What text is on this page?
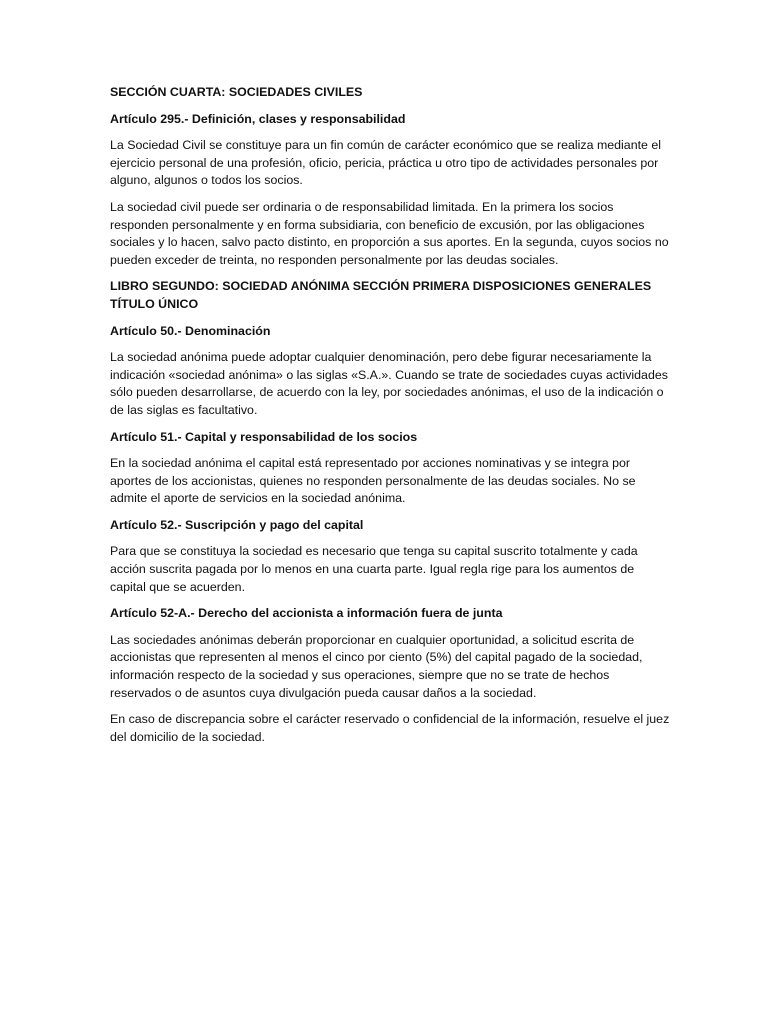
SECCIÓN CUARTA: SOCIEDADES CIVILES
Artículo 295.- Definición, clases y responsabilidad
La Sociedad Civil se constituye para un fin común de carácter económico que se realiza mediante el ejercicio personal de una profesión, oficio, pericia, práctica u otro tipo de actividades personales por alguno, algunos o todos los socios.
La sociedad civil puede ser ordinaria o de responsabilidad limitada. En la primera los socios responden personalmente y en forma subsidiaria, con beneficio de excusión, por las obligaciones sociales y lo hacen, salvo pacto distinto, en proporción a sus aportes. En la segunda, cuyos socios no pueden exceder de treinta, no responden personalmente por las deudas sociales.
LIBRO SEGUNDO: SOCIEDAD ANÓNIMA SECCIÓN PRIMERA DISPOSICIONES GENERALES TÍTULO ÚNICO
Artículo 50.- Denominación
La sociedad anónima puede adoptar cualquier denominación, pero debe figurar necesariamente la indicación «sociedad anónima» o las siglas «S.A.». Cuando se trate de sociedades cuyas actividades sólo pueden desarrollarse, de acuerdo con la ley, por sociedades anónimas, el uso de la indicación o de las siglas es facultativo.
Artículo 51.- Capital y responsabilidad de los socios
En la sociedad anónima el capital está representado por acciones nominativas y se integra por aportes de los accionistas, quienes no responden personalmente de las deudas sociales. No se admite el aporte de servicios en la sociedad anónima.
Artículo 52.- Suscripción y pago del capital
Para que se constituya la sociedad es necesario que tenga su capital suscrito totalmente y cada acción suscrita pagada por lo menos en una cuarta parte. Igual regla rige para los aumentos de capital que se acuerden.
Artículo 52-A.- Derecho del accionista a información fuera de junta
Las sociedades anónimas deberán proporcionar en cualquier oportunidad, a solicitud escrita de accionistas que representen al menos el cinco por ciento (5%) del capital pagado de la sociedad, información respecto de la sociedad y sus operaciones, siempre que no se trate de hechos reservados o de asuntos cuya divulgación pueda causar daños a la sociedad.
En caso de discrepancia sobre el carácter reservado o confidencial de la información, resuelve el juez del domicilio de la sociedad.
